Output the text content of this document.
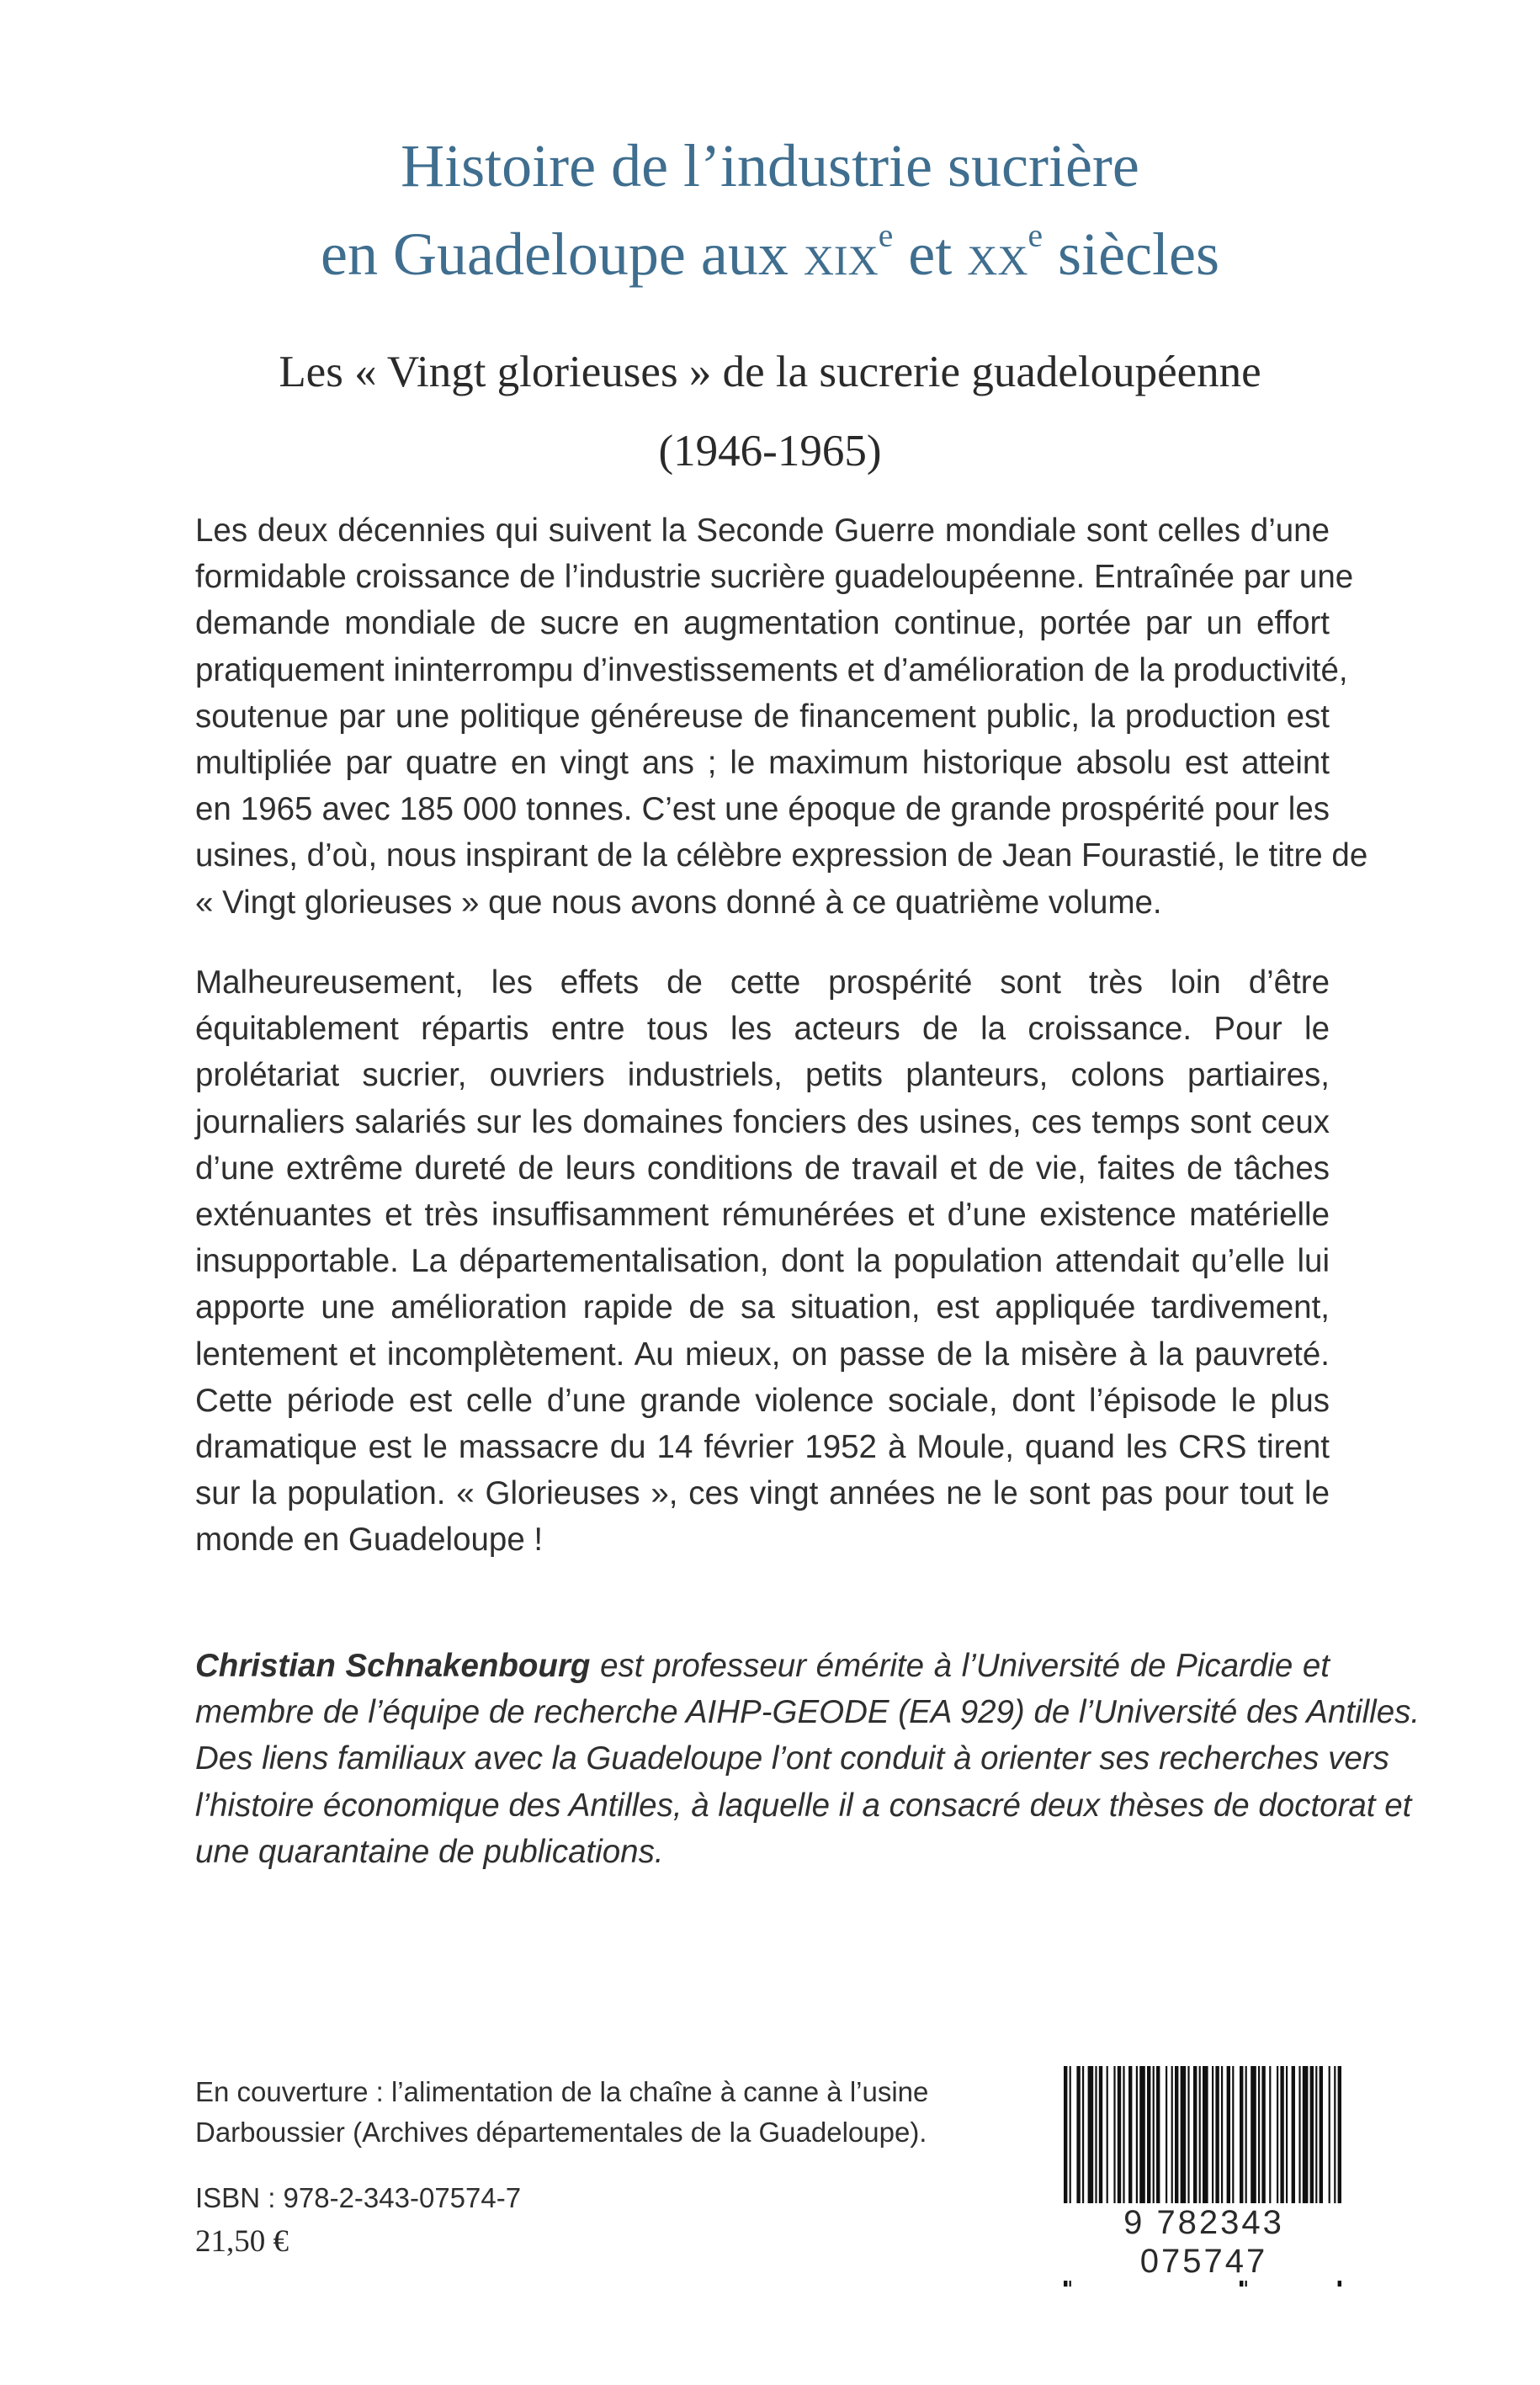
Histoire de l’industrie sucrière
en Guadeloupe aux xix$^e$ et $xx^e$ siècles
Les « Vingt glorieuses » de la sucrerie guadeloupéenne
(1946-1965)
Les deux décennies qui suivent la Seconde Guerre mondiale sont celles d’une
formidable croissance de l’industrie sucrière guadeloupéenne. Entraînée par une
demande mondiale de sucre en augmentation continue, portée par un effort
pratiquement ininterrompu d’investissements et d’amélioration de la productivité,
soutenue par une politique généreuse de financement public, la production est
multipliée par quatre en vingt ans ; le maximum historique absolu est atteint
en 1965 avec 185 000 tonnes. C’est une époque de grande prospérité pour les
usines, d’où, nous inspirant de la célèbre expression de Jean Fourastié, le titre de
« Vingt glorieuses » que nous avons donné à ce quatrième volume.
Malheureusement, les effets de cette prospérité sont très loin d’être
équitablement répartis entre tous les acteurs de la croissance. Pour le
prolétariat sucrier, ouvriers industriels, petits planteurs, colons partiaires,
journaliers salariés sur les domaines fonciers des usines, ces temps sont ceux
d’une extrême dureté de leurs conditions de travail et de vie, faites de tâches
exténuantes et très insuffisamment rémunérées et d’une existence matérielle
insupportable. La départementalisation, dont la population attendait qu’elle lui
apporte une amélioration rapide de sa situation, est appliquée tardivement,
lentement et incomplètement. Au mieux, on passe de la misère à la pauvreté.
Cette période est celle d’une grande violence sociale, dont l’épisode le plus
dramatique est le massacre du 14 février 1952 à Moule, quand les CRS tirent
sur la population. « Glorieuses », ces vingt années ne le sont pas pour tout le
monde en Guadeloupe !
Christian Schnakenbourg est professeur émérite à l’Université de Picardie et
membre de l’équipe de recherche AIHP-GEODE (EA 929) de l’Université des Antilles.
Des liens familiaux avec la Guadeloupe l’ont conduit à orienter ses recherches vers
l’histoire économique des Antilles, à laquelle il a consacré deux thèses de doctorat et
une quarantaine de publications.
En couverture : l’alimentation de la chaîne à canne à l’usine
Darboussier (Archives départementales de la Guadeloupe).
ISBN : 978-2-343-07574-7
21,50 €
9 782343 075747
